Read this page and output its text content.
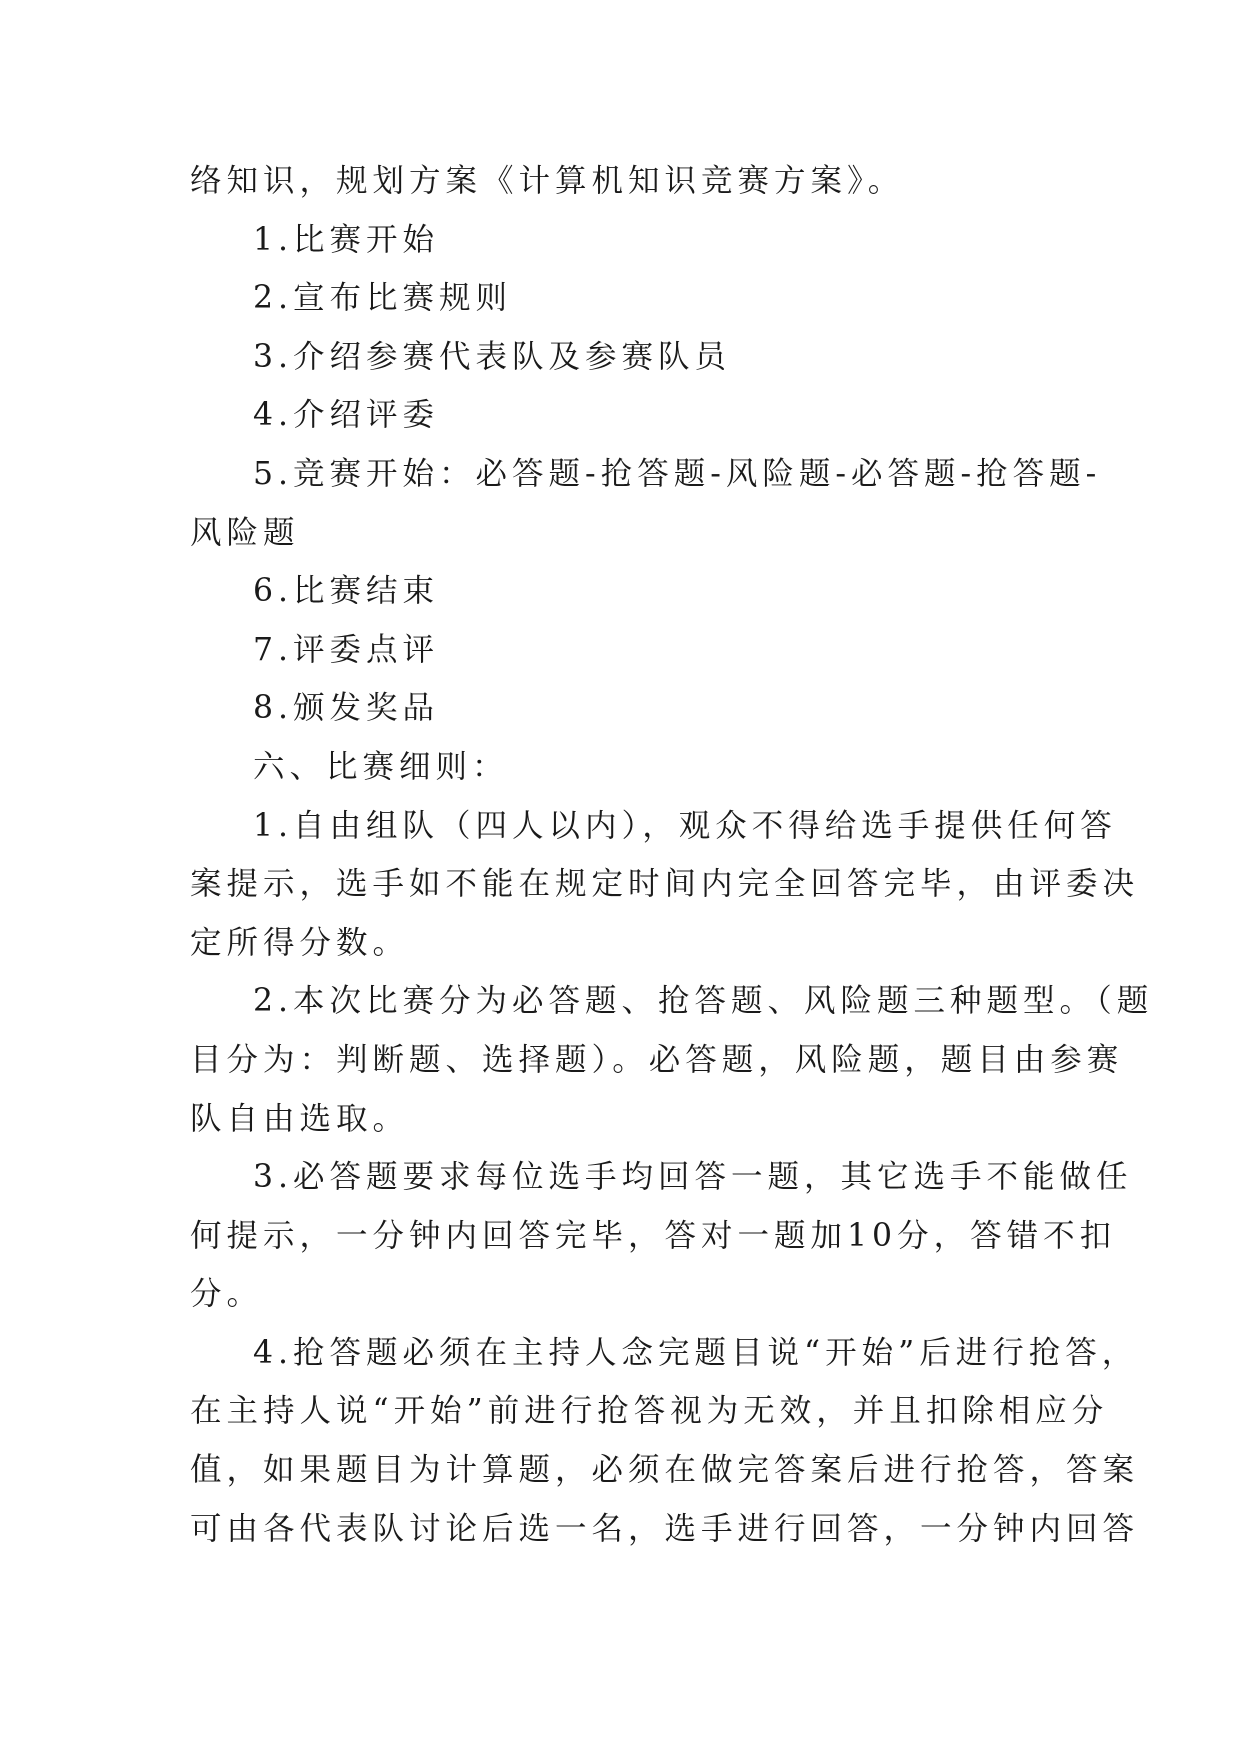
络知识，规划方案《计算机知识竞赛方案》。
1.比赛开始
2.宣布比赛规则
3.介绍参赛代表队及参赛队员
4.介绍评委
5.竞赛开始：必答题-抢答题-风险题-必答题-抢答题-
风险题
6.比赛结束
7.评委点评
8.颁发奖品
六、比赛细则：
1.自由组队（四人以内），观众不得给选手提供任何答
案提示，选手如不能在规定时间内完全回答完毕，由评委决
定所得分数。
2.本次比赛分为必答题、抢答题、风险题三种题型。（题
目分为：判断题、选择题）。必答题，风险题，题目由参赛
队自由选取。
3.必答题要求每位选手均回答一题，其它选手不能做任
何提示，一分钟内回答完毕，答对一题加10分，答错不扣
分。
4.抢答题必须在主持人念完题目说“开始”后进行抢答，
在主持人说“开始”前进行抢答视为无效，并且扣除相应分
值，如果题目为计算题，必须在做完答案后进行抢答，答案
可由各代表队讨论后选一名，选手进行回答，一分钟内回答
